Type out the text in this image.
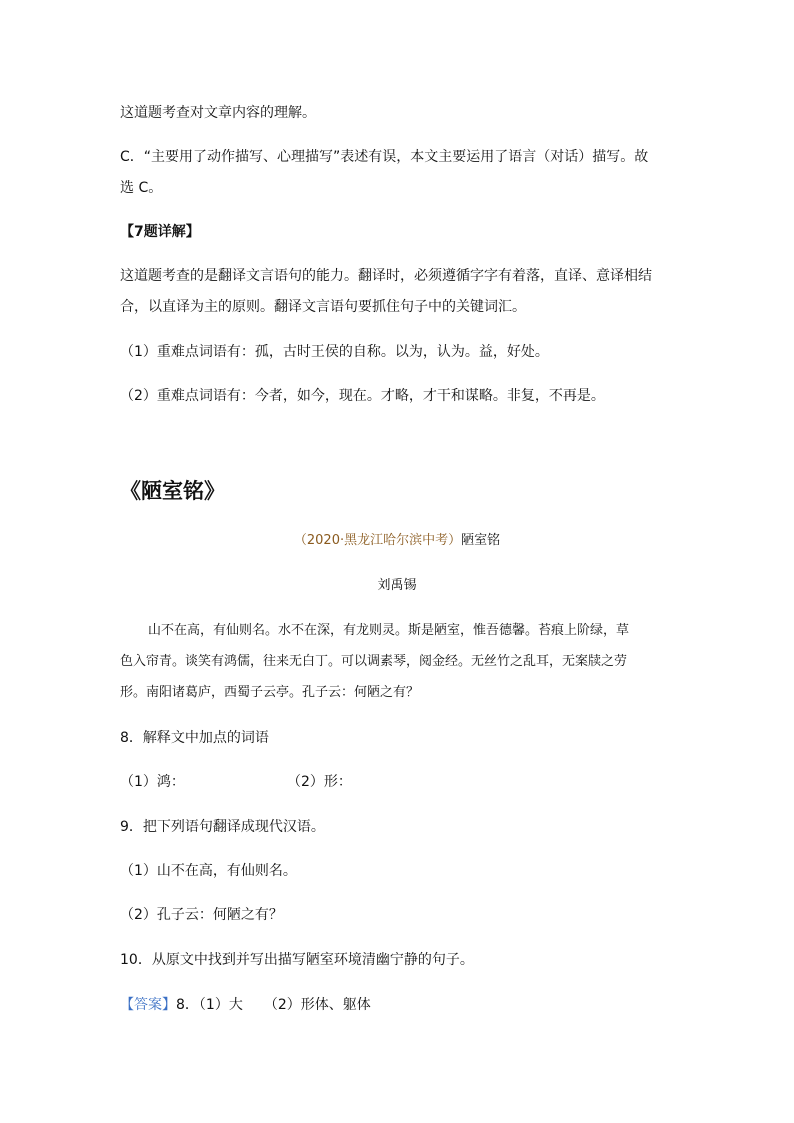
这道题考查对文章内容的理解。
C．“主要用了动作描写、心理描写”表述有误，本文主要运用了语言（对话）描写。故
选 C。
【7题详解】
这道题考查的是翻译文言语句的能力。翻译时，必须遵循字字有着落，直译、意译相结
合，以直译为主的原则。翻译文言语句要抓住句子中的关键词汇。
（1）重难点词语有：孤，古时王侯的自称。以为，认为。益，好处。
（2）重难点词语有：今者，如今，现在。才略，才干和谋略。非复，不再是。
《陋室铭》
（2020·黑龙江哈尔滨中考）陋室铭
刘禹锡
山不在高，有仙则名。水不在深，有龙则灵。斯是陋室，惟吾德馨。苔痕上阶绿，草
色入帘青。谈笑有鸿儒，往来无白丁。可以调素琴，阅金经。无丝竹之乱耳，无案牍之劳
形。南阳诸葛庐，西蜀子云亭。孔子云：何陋之有？
8．解释文中加点的词语
（1）鸿：	（2）形：
9．把下列语句翻译成现代汉语。
（1）山不在高，有仙则名。
（2）孔子云：何陋之有？
10．从原文中找到并写出描写陋室环境清幽宁静的句子。
【答案】8．（1）大　　（2）形体、躯体
